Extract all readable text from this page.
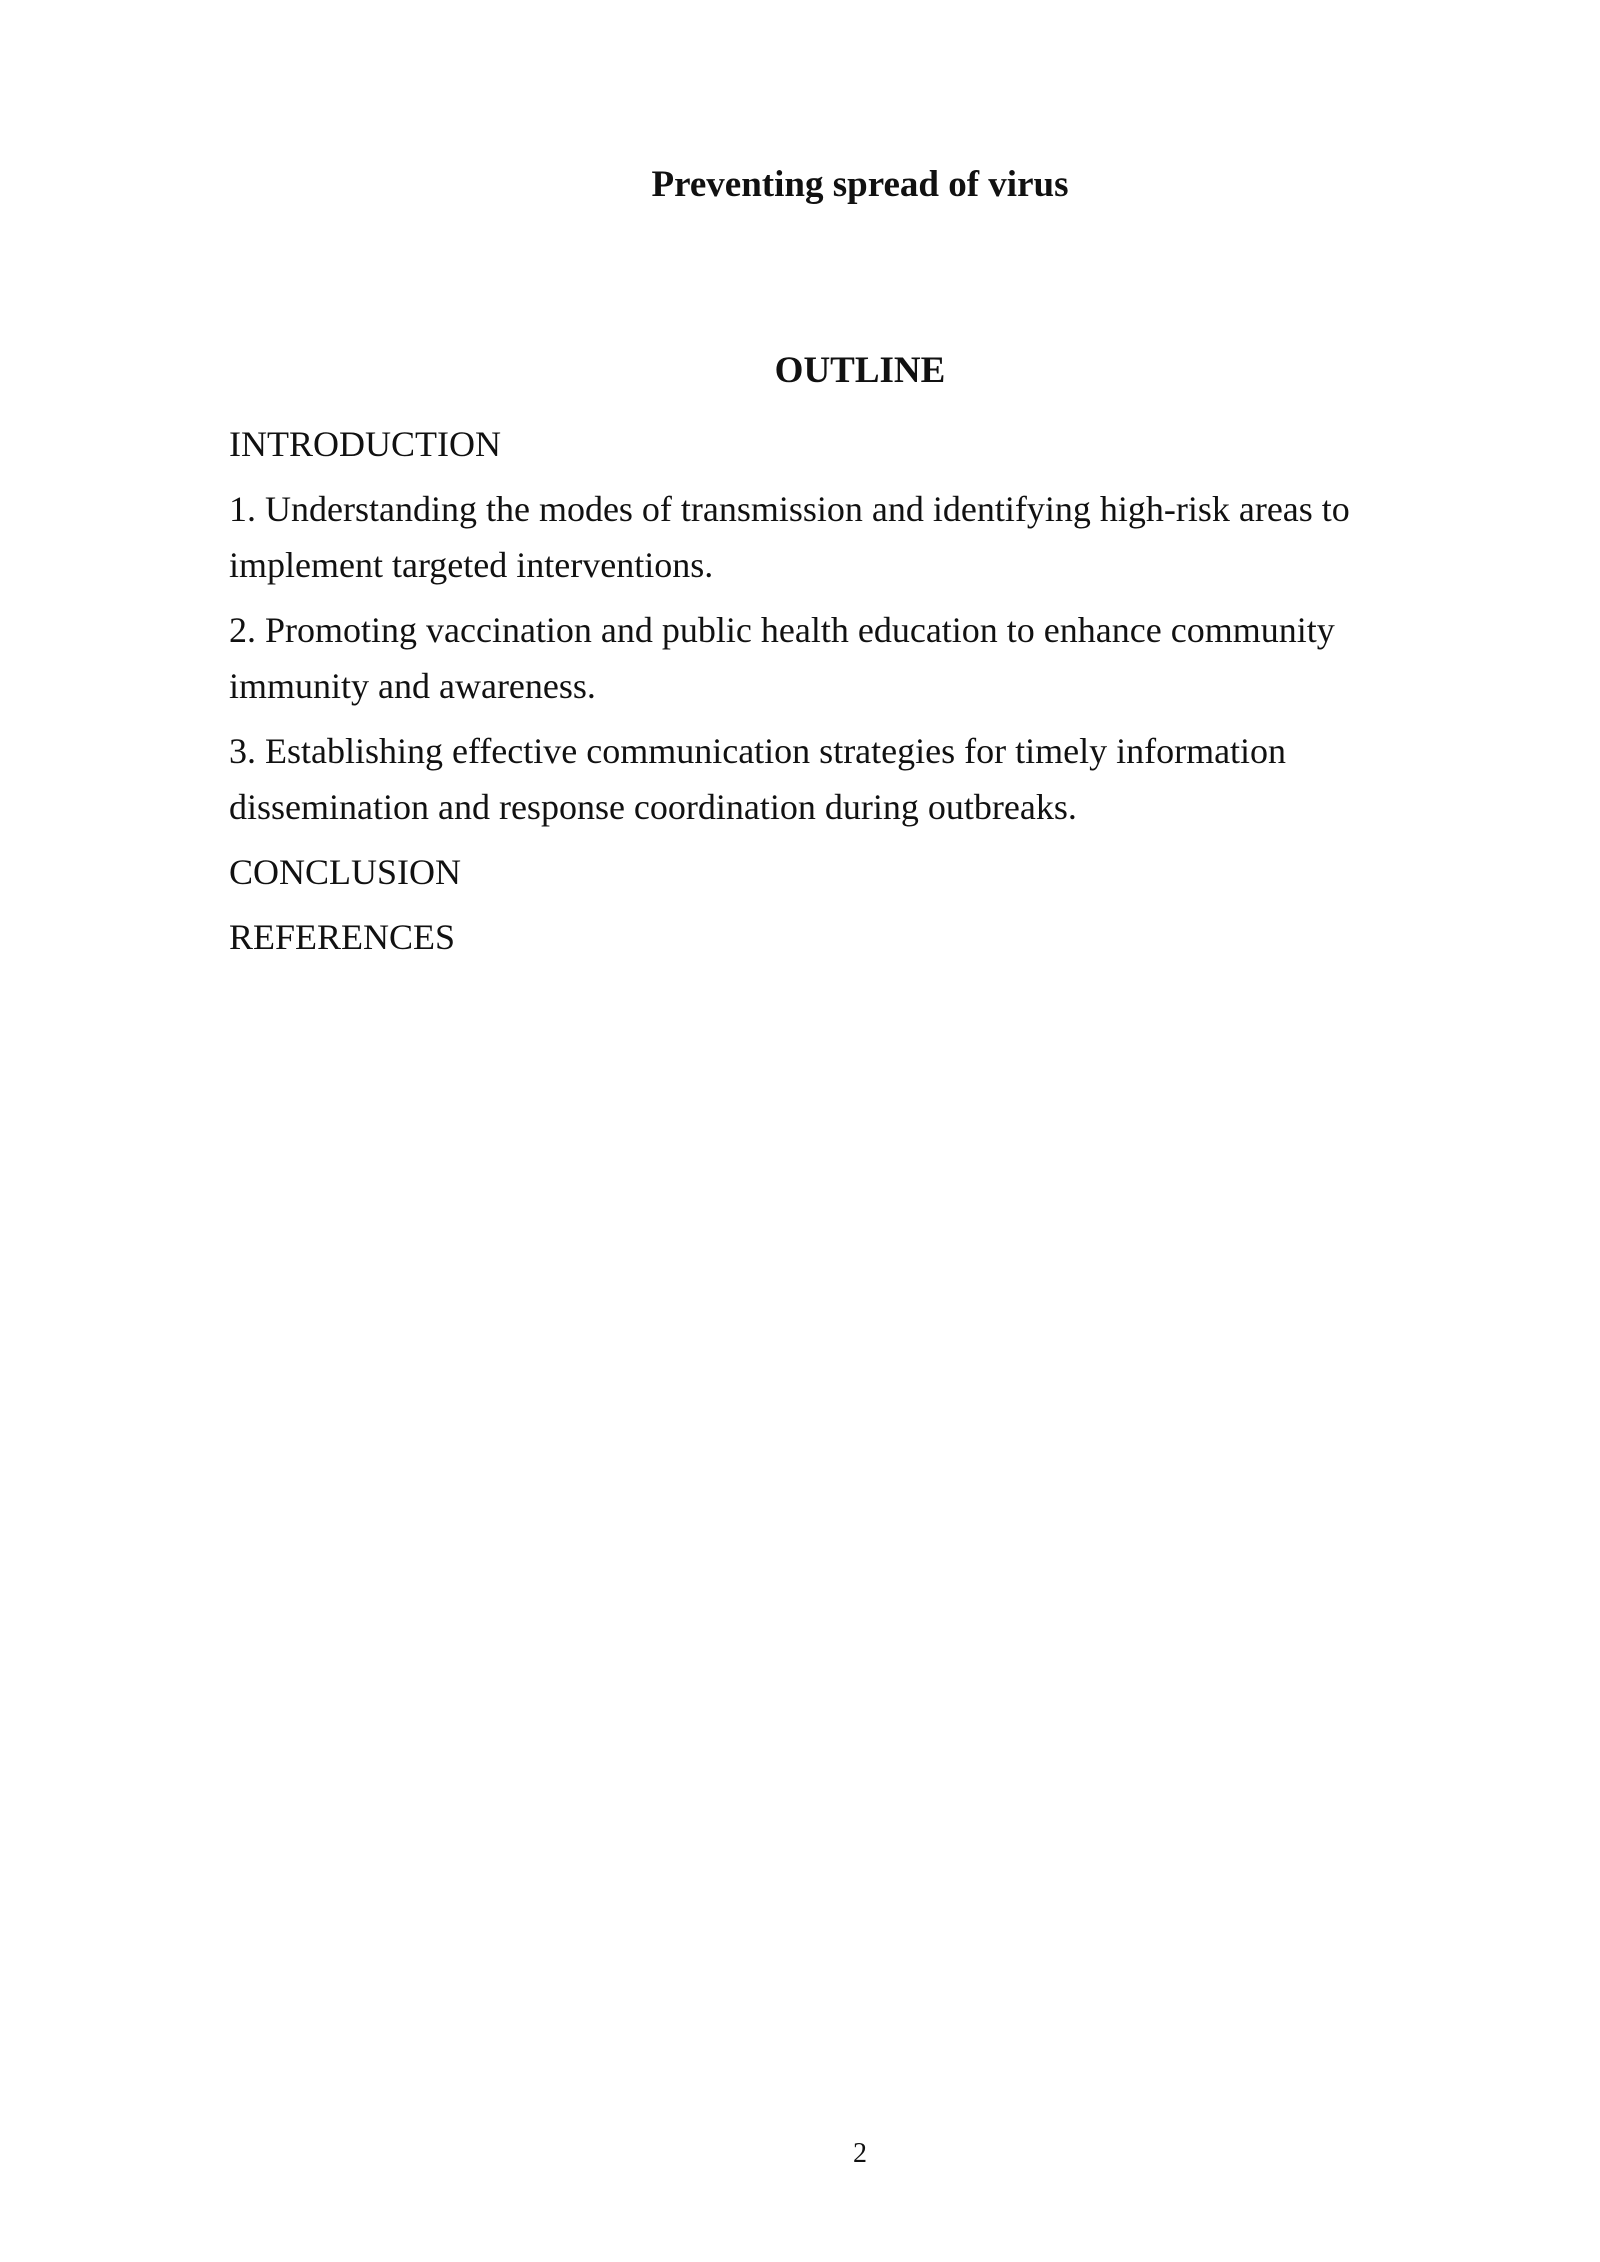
Preventing spread of virus
OUTLINE
INTRODUCTION
1. Understanding the modes of transmission and identifying high-risk areas to implement targeted interventions.
2. Promoting vaccination and public health education to enhance community immunity and awareness.
3. Establishing effective communication strategies for timely information dissemination and response coordination during outbreaks.
CONCLUSION
REFERENCES
2
